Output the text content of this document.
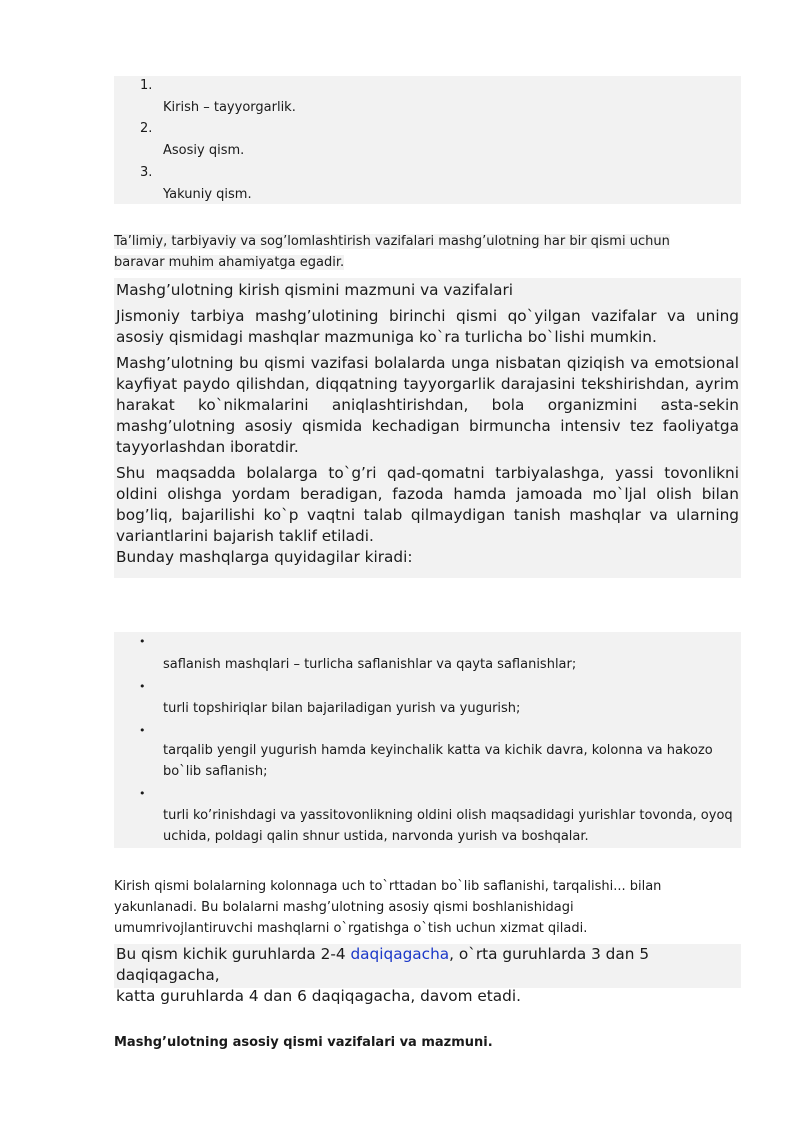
1.
Kirish – tayyorgarlik.
2.
Asosiy qism.
3.
Yakuniy qism.
Ta’limiy, tarbiyaviy va sog’lomlashtirish vazifalari mashg’ulotning har bir qismi uchun
baravar muhim ahamiyatga egadir.

Mashg’ulotning kirish qismini mazmuni va vazifalari

Jismoniy tarbiya mashg’ulotining birinchi qismi qo`yilgan vazifalar va uning asosiy qismidagi mashqlar mazmuniga ko`ra turlicha bo`lishi mumkin.

Mashg’ulotning bu qismi vazifasi bolalarda unga nisbatan qiziqish va emotsional kayfiyat paydo qilishdan, diqqatning tayyorgarlik darajasini tekshirishdan, ayrim harakat ko`nikmalarini aniqlashtirishdan, bola organizmini asta-sekin mashg’ulotning asosiy qismida kechadigan birmuncha intensiv tez faoliyatga tayyorlashdan iboratdir.

Shu maqsadda bolalarga to`g’ri qad-qomatni tarbiyalashga, yassi tovonlikni oldini olishga yordam beradigan, fazoda hamda jamoada mo`ljal olish bilan bog’liq, bajarilishi ko`p vaqtni talab qilmaydigan tanish mashqlar va ularning variantlarini bajarish taklif etiladi.

Bunday mashqlarga quyidagilar kiradi:

•
saflanish mashqlari – turlicha saflanishlar va qayta saflanishlar;
•
turli topshiriqlar bilan bajariladigan yurish va yugurish;
•
tarqalib yengil yugurish hamda keyinchalik katta va kichik davra, kolonna va hakozo bo`lib saflanish;
•
turli ko’rinishdagi va yassitovonlikning oldini olish maqsadidagi yurishlar tovonda, oyoq uchida, poldagi qalin shnur ustida, narvonda yurish va boshqalar.
Kirish qismi bolalarning kolonnaga uch to`rttadan bo`lib saflanishi, tarqalishi... bilan
yakunlanadi. Bu bolalarni mashg’ulotning asosiy qismi boshlanishidagi
umumrivojlantiruvchi mashqlarni o`rgatishga o`tish uchun xizmat qiladi.

Bu qism kichik guruhlarda 2-4 daqiqagacha, o`rta guruhlarda 3 dan 5 daqiqagacha,

katta guruhlarda 4 dan 6 daqiqagacha, davom etadi.

Mashg’ulotning asosiy qismi vazifalari va mazmuni.
